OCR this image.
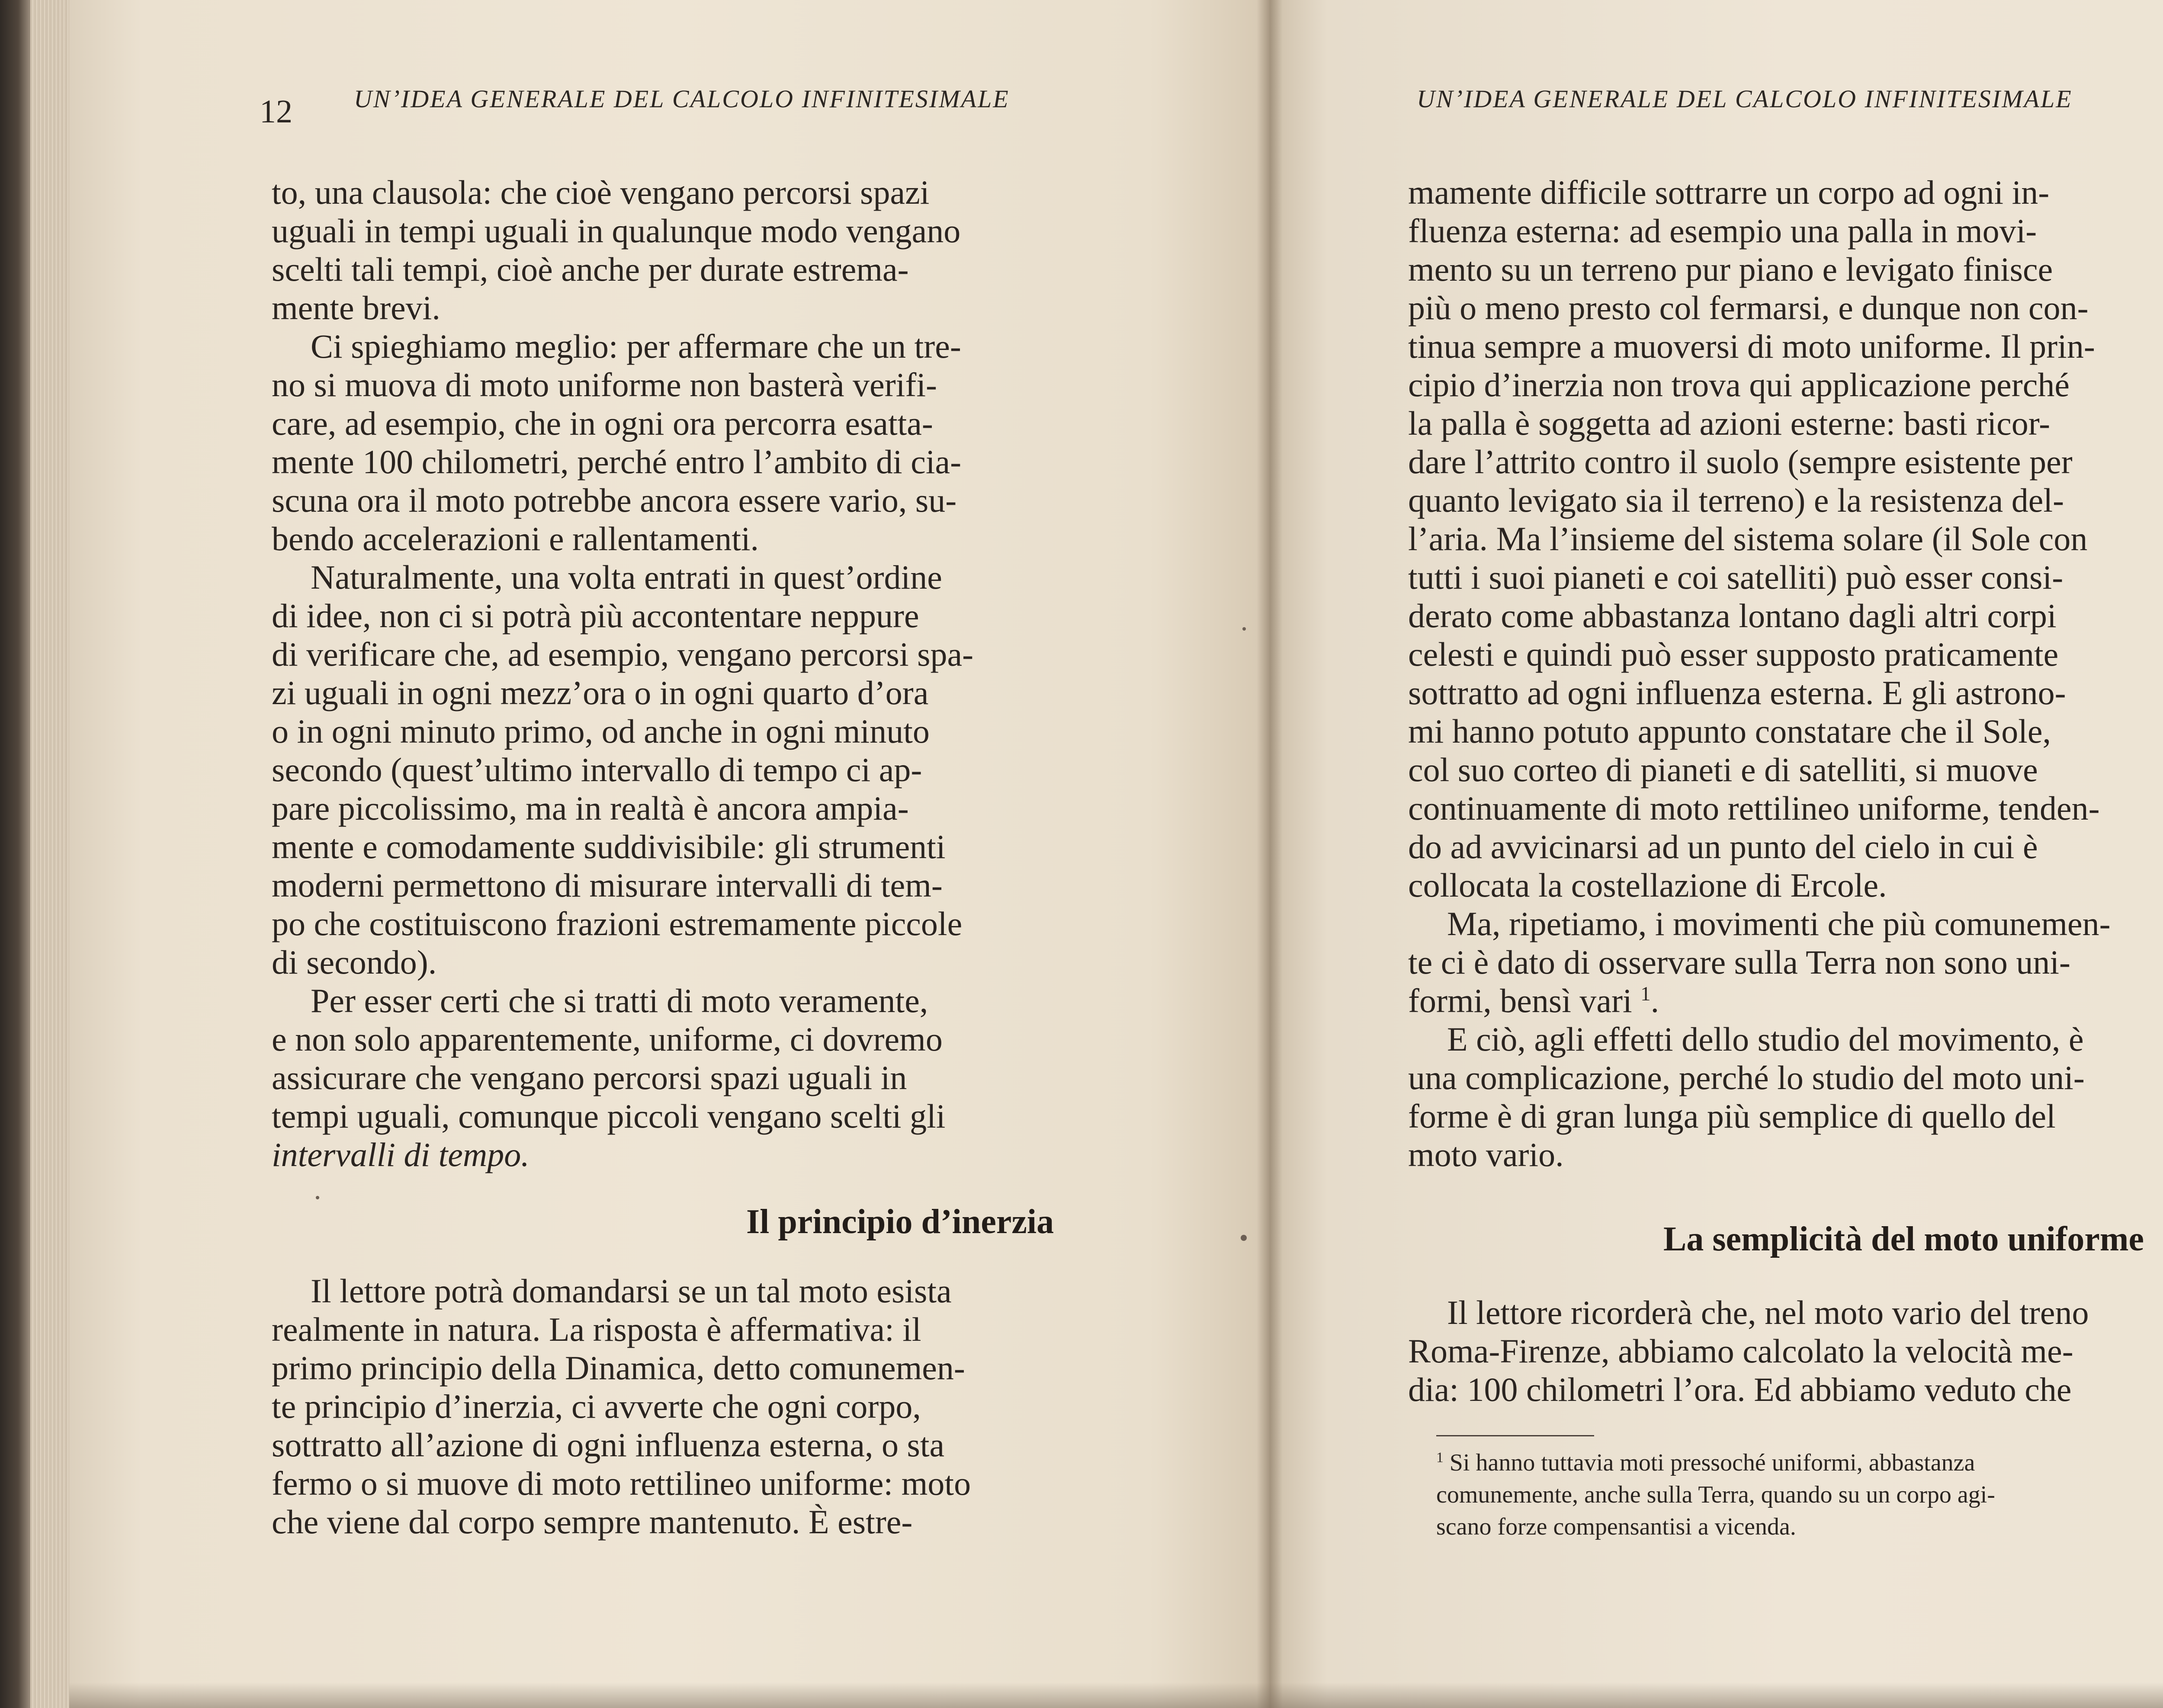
12 UN’IDEA GENERALE DEL CALCOLO INFINITESIMALE

to, una clausola: che cioè vengano percorsi spazi

uguali in tempi uguali in qualunque modo vengano

scelti tali tempi, cioè anche per durate estrema-

mente brevi.

Ci spieghiamo meglio: per affermare che un tre-

no si muova di moto uniforme non basterà verifi-

care, ad esempio, che in ogni ora percorra esatta-

mente 100 chilometri, perché entro l’ambito di cia-

scuna ora il moto potrebbe ancora essere vario, su-

bendo accelerazioni e rallentamenti.

Naturalmente, una volta entrati in quest’ordine

di idee, non ci si potrà più accontentare neppure

di verificare che, ad esempio, vengano percorsi spa-

zi uguali in ogni mezz’ora o in ogni quarto d’ora

o in ogni minuto primo, od anche in ogni minuto

secondo (quest’ultimo intervallo di tempo ci ap-

pare piccolissimo, ma in realtà è ancora ampia-

mente e comodamente suddivisibile: gli strumenti

moderni permettono di misurare intervalli di tem-

po che costituiscono frazioni estremamente piccole

di secondo).

Per esser certi che si tratti di moto veramente,

e non solo apparentemente, uniforme, ci dovremo

assicurare che vengano percorsi spazi uguali in

tempi uguali, comunque piccoli vengano scelti gli

intervalli di tempo.

Il principio d’inerzia

Il lettore potrà domandarsi se un tal moto esista

realmente in natura. La risposta è affermativa: il

primo principio della Dinamica, detto comunemen-

te principio d’inerzia, ci avverte che ogni corpo,

sottratto all’azione di ogni influenza esterna, o sta

fermo o si muove di moto rettilineo uniforme: moto

che viene dal corpo sempre mantenuto. È estre-

UN’IDEA GENERALE DEL CALCOLO INFINITESIMALE

mamente difficile sottrarre un corpo ad ogni in-

fluenza esterna: ad esempio una palla in movi-

mento su un terreno pur piano e levigato finisce

più o meno presto col fermarsi, e dunque non con-

tinua sempre a muoversi di moto uniforme. Il prin-

cipio d’inerzia non trova qui applicazione perché

la palla è soggetta ad azioni esterne: basti ricor-

dare l’attrito contro il suolo (sempre esistente per

quanto levigato sia il terreno) e la resistenza del-

l’aria. Ma l’insieme del sistema solare (il Sole con

tutti i suoi pianeti e coi satelliti) può esser consi-

derato come abbastanza lontano dagli altri corpi

celesti e quindi può esser supposto praticamente

sottratto ad ogni influenza esterna. E gli astrono-

mi hanno potuto appunto constatare che il Sole,

col suo corteo di pianeti e di satelliti, si muove

continuamente di moto rettilineo uniforme, tenden-

do ad avvicinarsi ad un punto del cielo in cui è

collocata la costellazione di Ercole.

Ma, ripetiamo, i movimenti che più comunemen-

te ci è dato di osservare sulla Terra non sono uni-

formi, bensì vari $^1$.

E ciò, agli effetti dello studio del movimento, è

una complicazione, perché lo studio del moto uni-

forme è di gran lunga più semplice di quello del

moto vario.

La semplicità del moto uniforme

Il lettore ricorderà che, nel moto vario del treno

Roma-Firenze, abbiamo calcolato la velocità me-

dia: 100 chilometri l’ora. Ed abbiamo veduto che

$^1$ Si hanno tuttavia moti pressoché uniformi, abbastanza
comunemente, anche sulla Terra, quando su un corpo agi-
scano forze compensantisi a vicenda.
